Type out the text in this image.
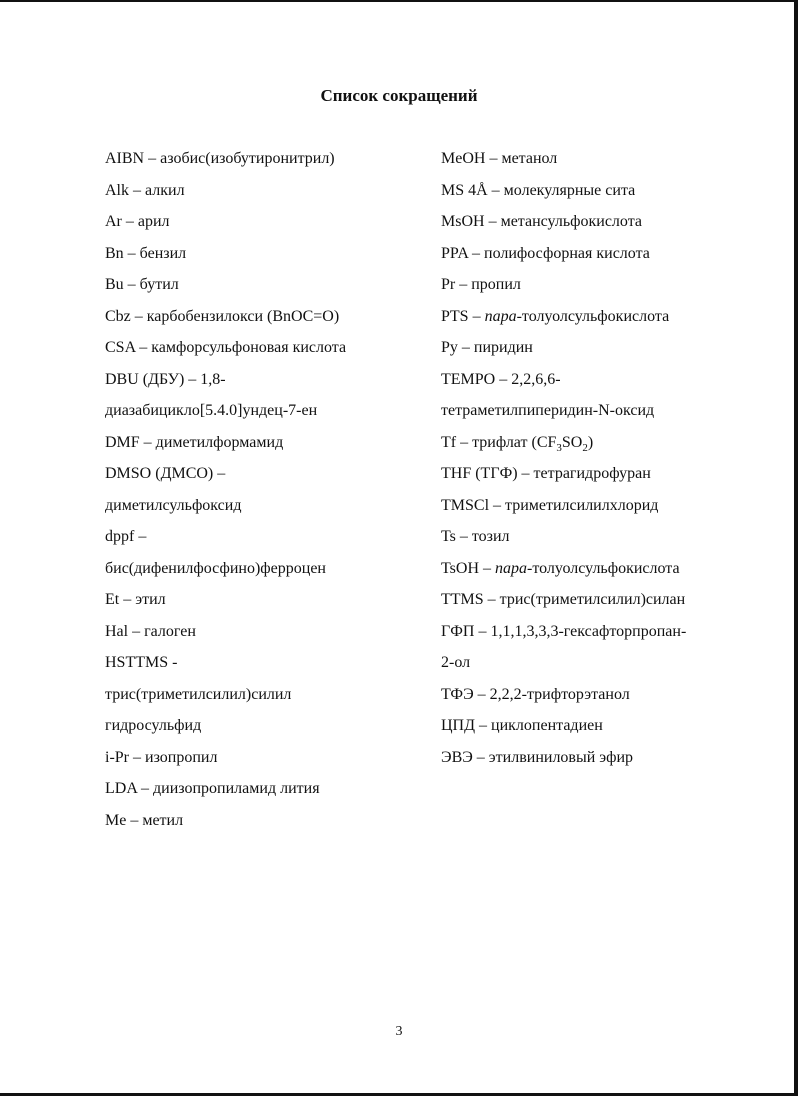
Список сокращений
AIBN – азобис(изобутиронитрил)
Alk – алкил
Ar – арил
Bn – бензил
Bu – бутил
Cbz – карбобензилокси (BnOC=O)
CSA – камфорсульфоновая кислота
DBU (ДБУ) – 1,8-
диазабицикло[5.4.0]ундец-7-ен
DMF – диметилформамид
DMSO (ДМСО) –
диметилсульфоксид
dppf –
бис(дифенилфосфино)ферроцен
Et – этил
Hal – галоген
HSTTMS -
трис(триметилсилил)силил
гидросульфид
i-Pr – изопропил
LDA – диизопропиламид лития
Me – метил
MeOH – метанол
MS 4Å – молекулярные сита
MsOH – метансульфокислота
PPA – полифосфорная кислота
Pr – пропил
PTS – пара-толуолсульфокислота
Py – пиридин
TEMPO – 2,2,6,6-
тетраметилпиперидин-N-оксид
Tf – трифлат $(CF_3SO_2)$
THF (ТГФ) – тетрагидрофуран
TMSCl – триметилсилилхлорид
Ts – тозил
TsOH – пара-толуолсульфокислота
TTMS – трис(триметилсилил)силан
ГФП – 1,1,1,3,3,3-гексафторпропан-
2-ол
ТФЭ – 2,2,2-трифторэтанол
ЦПД – циклопентадиен
ЭВЭ – этилвиниловый эфир
3
